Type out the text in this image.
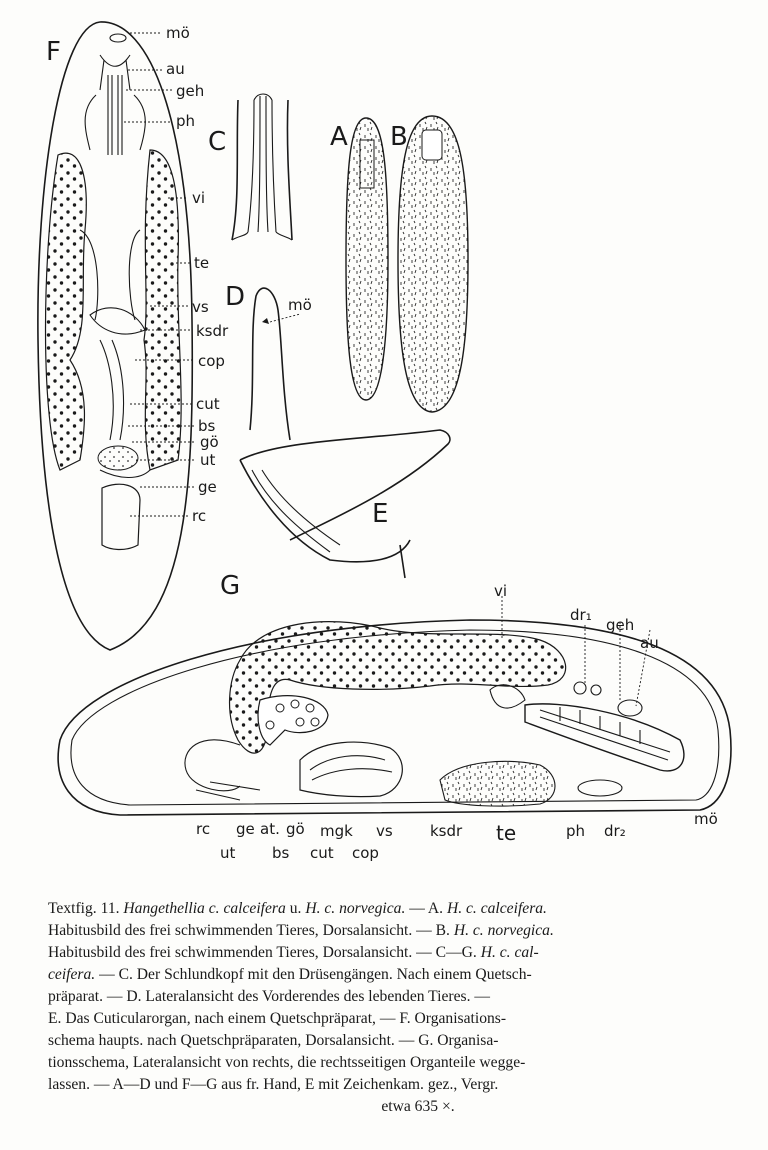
F
mö
au
geh
ph
vi
te
vs
ksdr
cop
cut
bs
gö
ut
ge
rc
C	A B
D	mö
E
G	vi
dr₁
geh
au
rc ge at. gö mgk vs ksdr te	ph dr₂
mö
ut bs cut cop
Textfig. 11. Hangethellia c. calceifera u. H. c. norvegica. — A. H. c. calceifera.
Habitusbild des frei schwimmenden Tieres, Dorsalansicht. — B. H. c. norvegica.
Habitusbild des frei schwimmenden Tieres, Dorsalansicht. — C—G. H. c. cal-
ceifera. — C. Der Schlundkopf mit den Drüsengängen. Nach einem Quetsch-
präparat. — D. Lateralansicht des Vorderendes des lebenden Tieres. —
E. Das Cuticularorgan, nach einem Quetschpräparat, — F. Organisations-
schema haupts. nach Quetschpräparaten, Dorsalansicht. — G. Organisa-
tionsschema, Lateralansicht von rechts, die rechtsseitigen Organteile wegge-
lassen. — A—D und F—G aus fr. Hand, E mit Zeichenkam. gez., Vergr.
etwa 635 ×.
